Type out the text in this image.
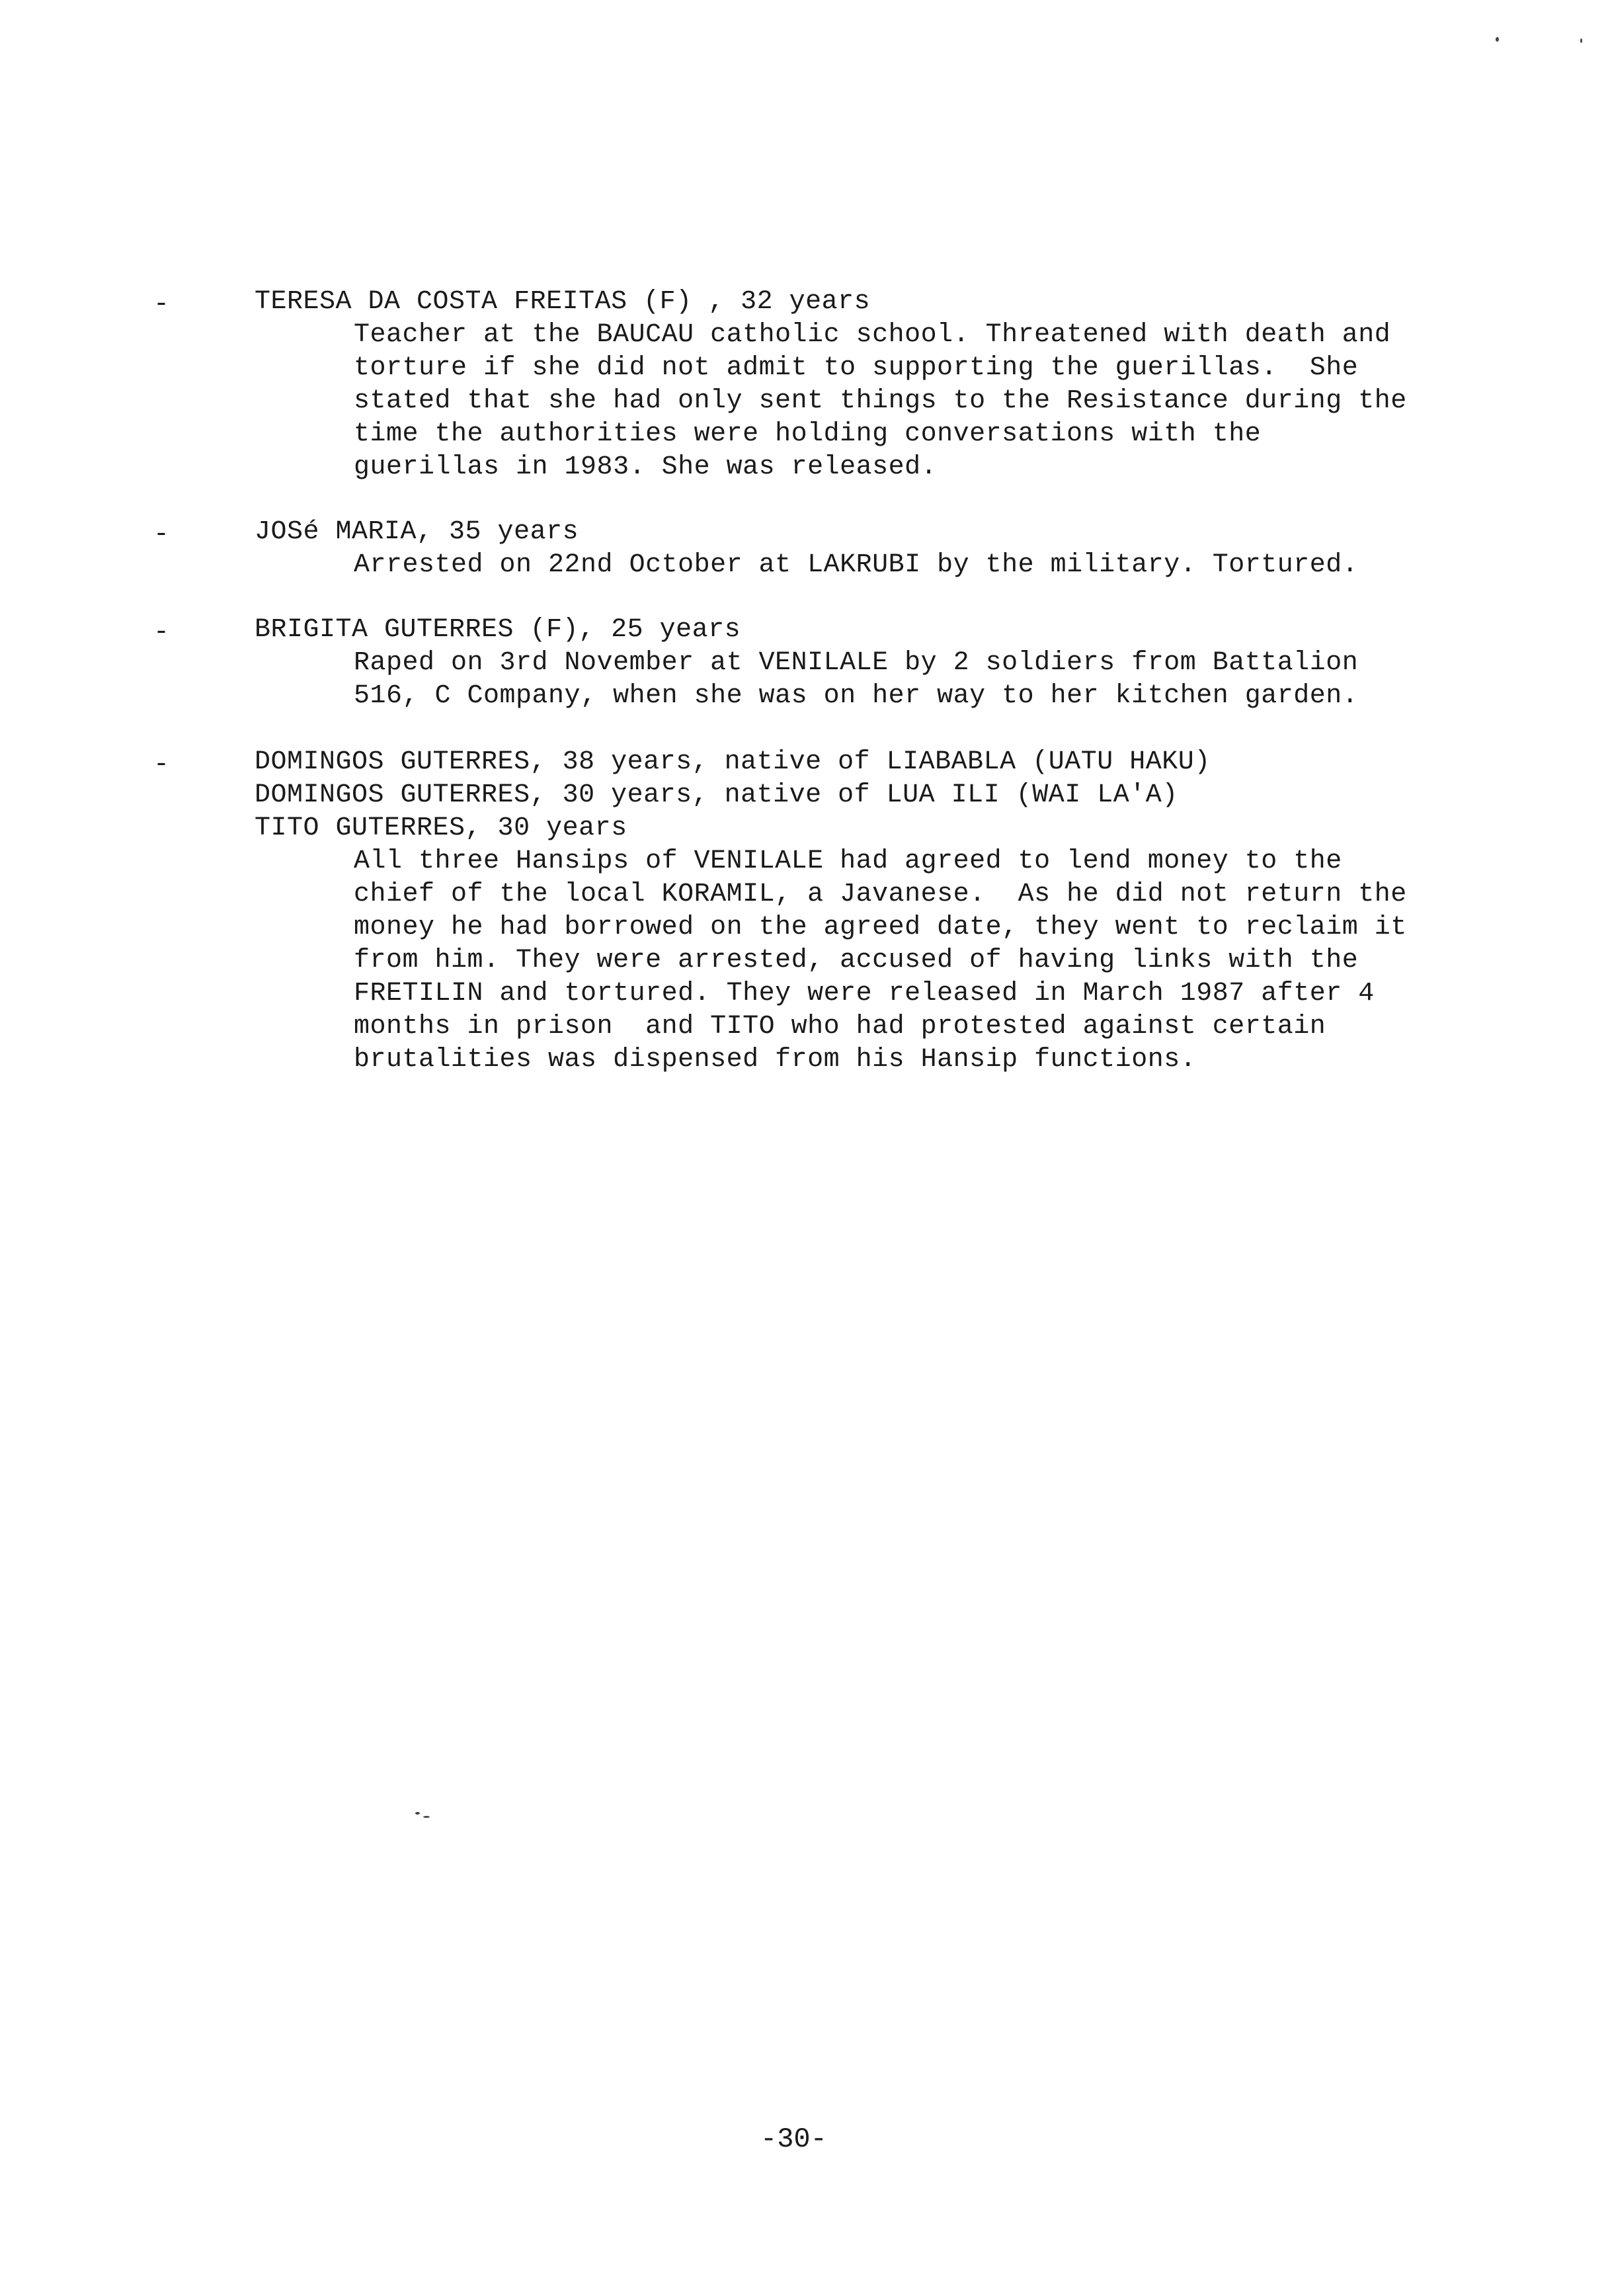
-	TERESA DA COSTA FREITAS (F) , 32 years
Teacher at the BAUCAU catholic school. Threatened with death and
torture if she did not admit to supporting the guerillas.  She
stated that she had only sent things to the Resistance during the
time the authorities were holding conversations with the
guerillas in 1983. She was released.
-	JOSé MARIA, 35 years
Arrested on 22nd October at LAKRUBI by the military. Tortured.
-	BRIGITA GUTERRES (F), 25 years
Raped on 3rd November at VENILALE by 2 soldiers from Battalion
516, C Company, when she was on her way to her kitchen garden.
-	DOMINGOS GUTERRES, 38 years, native of LIABABLA (UATU HAKU)
DOMINGOS GUTERRES, 30 years, native of LUA ILI (WAI LA'A)
TITO GUTERRES, 30 years
All three Hansips of VENILALE had agreed to lend money to the
chief of the local KORAMIL, a Javanese.  As he did not return the
money he had borrowed on the agreed date, they went to reclaim it
from him. They were arrested, accused of having links with the
FRETILIN and tortured. They were released in March 1987 after 4
months in prison  and TITO who had protested against certain
brutalities was dispensed from his Hansip functions.
-30-
